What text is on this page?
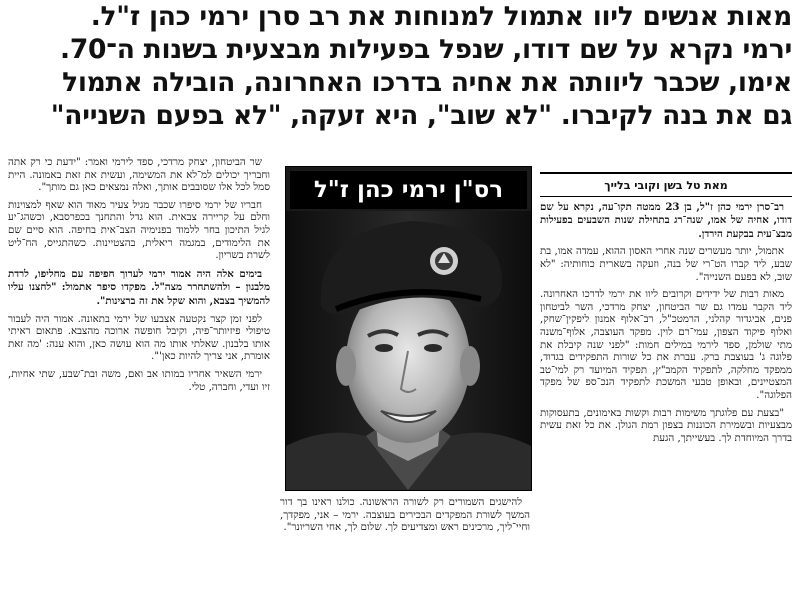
מאות אנשים ליוו אתמול למנוחות את רב סרן ירמי כהן ז"ל.
ירמי נקרא על שם דודו, שנפל בפעילות מבצעית בשנות ה־70.
אימו, שכבר ליוותה את אחיה בדרכו האחרונה, הובילה אתמול
גם את בנה לקיברו. "לא שוב", היא זעקה, "לא בפעם השנייה"
מאת טל בשן וקובי בלייך

רב־סרן ירמי כהן ז"ל, בן 23 ממטה תקו־עה, נקרא על שם דודו, אחיה של אמו, שנה־רג בתחילת שנות השבעים בפעילות מבצ־עית בבקעת הירדן.

אתמול, יותר מעשרים שנה אחרי האסון ההוא, עמדה אמו, בת שבע, ליד קברו הט־רי של בנה, וזעקה בשארית כוחותיה: "לא שוב, לא בפעם השנייה".

מאות רבות של ידידים וקרובים ליוו את ירמי לדרכו האחרונה. ליד הקבר עמדו גם שר הביטחון, יצחק מרדכי, השר לביטחון פנים, אביגדור קהלני, הרמטכ"ל, רב־אלוף אמנון ליפקין־שחק, ואלוף פיקוד הצפון, עמי־רם לוין. מפקד העוצבה, אלוף־משנה מתי שולמן, ספד לירמי במילים חמות: "לפני שנה קיבלת את פלוגה ג' בעוצבת ברק. עברת את כל שורות התפקידים בגדוד, ממפקד מחלקה, לתפקיד הקמב"ץ, תפקיד המיועד רק למי־טב המצטיינים, ובאופן טבעי המשכת לתפקיד הנכ־ספ של מפקד הפלוגה".

"בצעת עם פלוגתך משימות רבות וקשות באימונים, בתעסוקות מבצעיות ובשמירת הכוננות בצפון רמת הגולן. את כל זאת עשית בדרך המיוחדת לך. בעשייתך, הגעת

רס"ן ירמי כהן ז"ל

להישגים השמורים רק לשורה הראשונה. כולנו ראינו בך דור המשך לשורת המפקדים הבכירים בעוצבה. ירמי – אני, מפקדך, וחיי־ליך, מרכינים ראש ומצדיעים לך. שלום לך, אחי השריונר".

שר הביטחון, יצחק מרדכי, ספד לירמי ואמר: "ידעת כי רק אתה וחבריך יכולים למ־לא את המשימה, ועשית את זאת באמונה. היית סמל לכל אלו שסובבים אותך, ואלה נמצאים כאן גם מותך".

חבריו של ירמי סיפרו שכבר מגיל צעיר מאוד הוא שאף למצוינות וחלם על קריירה צבאית. הוא גדל והתחנך בכפרסבא, וכשהג־יע לגיל התיכון בחר ללמוד בפנימיה הצב־אית בחיפה. הוא סיים שם את הלימודים, במגמה ריאלית, בהצטיינות. כשהתגייס, הח־ליט לשרת בשריון.

בימים אלה היה אמור ירמי לערוך חפיפה עם מחליפו, לרדת מלבנון – ולהשתחרר מצה"ל. מפקדו סיפר אתמול: "לחצנו עליו להמשיך בצבא, והוא שקל את זה ברצינות".

לפני זמן קצר נקטעה אצבעו של ירמי בתאונה. אמור היה לעבור טיפולי פיזיותר־פיה, וקיבל חופשה ארוכה מהצבא. פתאום ראיתי אותו בלבנון. שאלתי אותו מה הוא עושה כאן, והוא ענה: 'מה זאת אומרת, אני צריך להיות כאן'".

ירמי השאיר אחריו במותו אב ואם, משה ובת־שבע, שתי אחיות, זיו ועדי, וחברה, טלי.
